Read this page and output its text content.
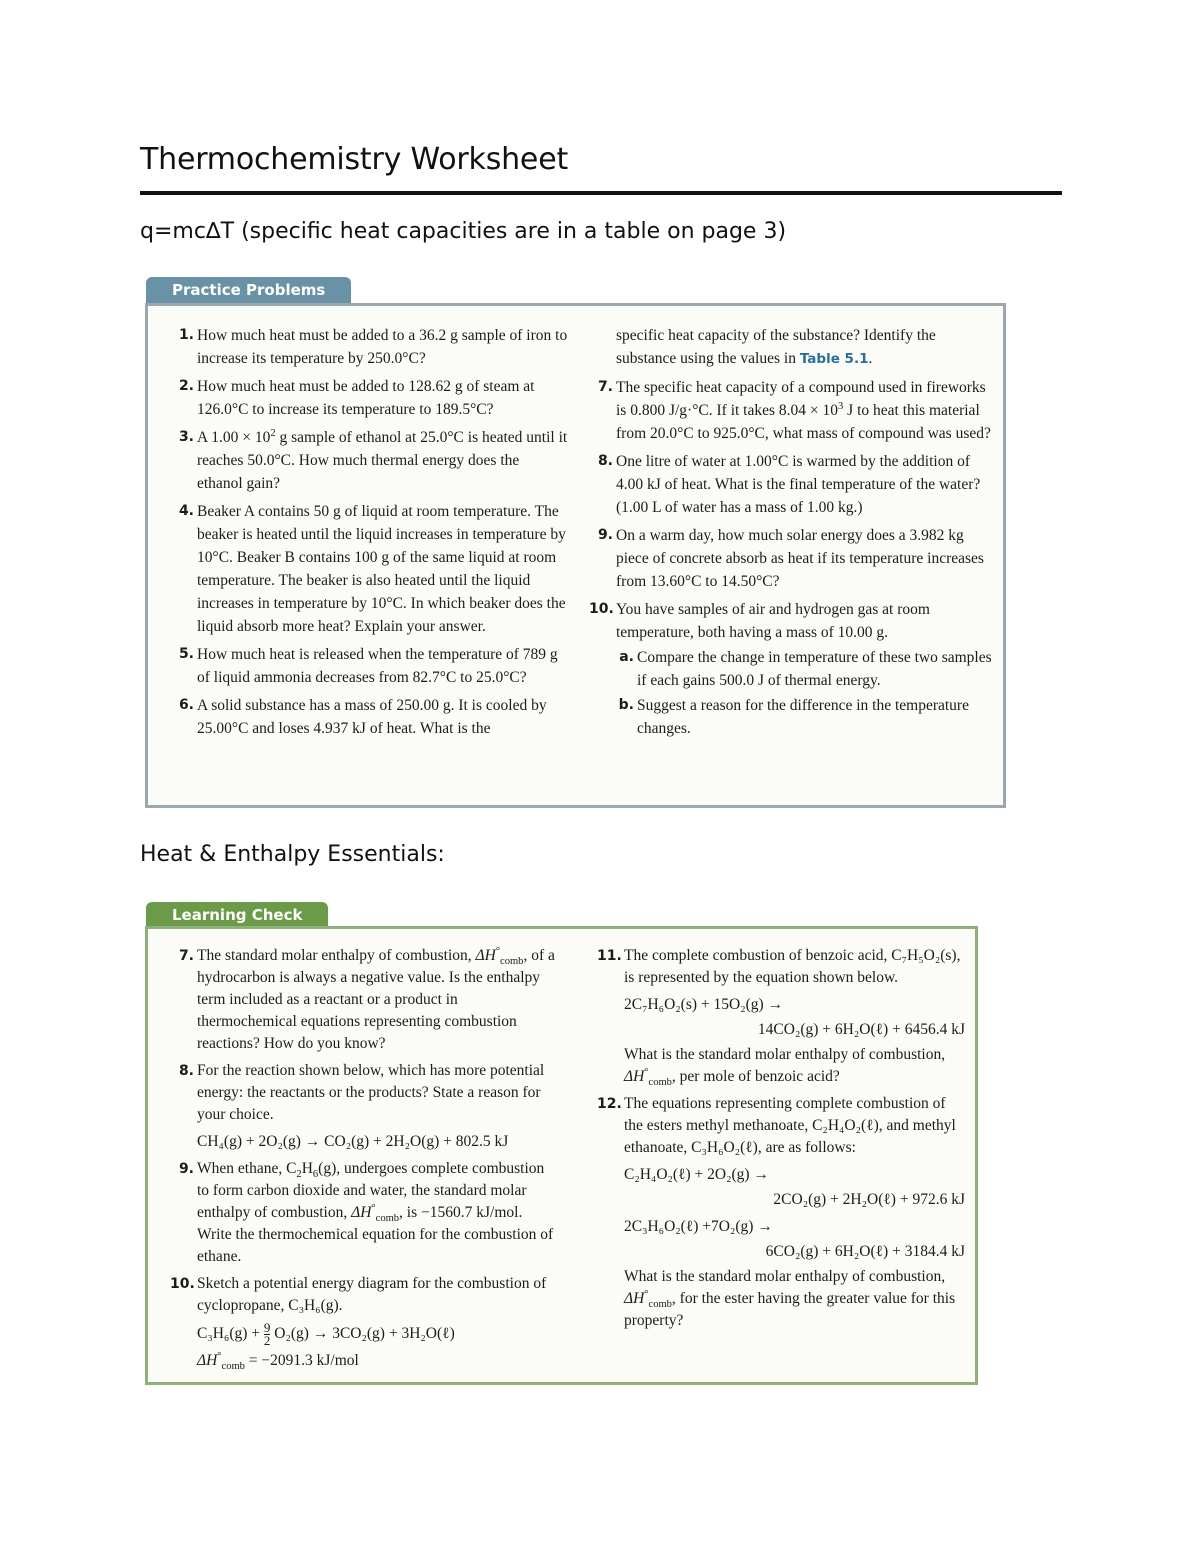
Thermochemistry Worksheet
q=mc∆T (specific heat capacities are in a table on page 3)
Practice Problems
1. How much heat must be added to a 36.2 g sample of iron to increase its temperature by 250.0°C?
2. How much heat must be added to 128.62 g of steam at 126.0°C to increase its temperature to 189.5°C?
3. A $1.00 \times 10^2$ g sample of ethanol at 25.0°C is heated until it reaches 50.0°C. How much thermal energy does the ethanol gain?
4. Beaker A contains 50 g of liquid at room temperature. The beaker is heated until the liquid increases in temperature by 10°C. Beaker B contains 100 g of the same liquid at room temperature. The beaker is also heated until the liquid increases in temperature by 10°C. In which beaker does the liquid absorb more heat? Explain your answer.
5. How much heat is released when the temperature of 789 g of liquid ammonia decreases from 82.7°C to 25.0°C?
6. A solid substance has a mass of 250.00 g. It is cooled by 25.00°C and loses 4.937 kJ of heat. What is the
specific heat capacity of the substance? Identify the substance using the values in Table 5.1.
7. The specific heat capacity of a compound used in fireworks is 0.800 J/g·°C. If it takes $8.04 \times 10^3$ J to heat this material from 20.0°C to 925.0°C, what mass of compound was used?
8. One litre of water at 1.00°C is warmed by the addition of 4.00 kJ of heat. What is the final temperature of the water? (1.00 L of water has a mass of 1.00 kg.)
9. On a warm day, how much solar energy does a 3.982 kg piece of concrete absorb as heat if its temperature increases from 13.60°C to 14.50°C?
10. You have samples of air and hydrogen gas at room temperature, both having a mass of 10.00 g.
a. Compare the change in temperature of these two samples if each gains 500.0 J of thermal energy.
b. Suggest a reason for the difference in the temperature changes.
Heat & Enthalpy Essentials:
Learning Check
7. The standard molar enthalpy of combustion, $\Delta H^\circ_{comb}$, of a hydrocarbon is always a negative value. Is the enthalpy term included as a reactant or a product in thermochemical equations representing combustion reactions? How do you know?
8. For the reaction shown below, which has more potential energy: the reactants or the products? State a reason for your choice.
CH₄(g) + 2O₂(g) → CO₂(g) + 2H₂O(g) + 802.5 kJ
9. When ethane, $C_2H_6(g)$, undergoes complete combustion to form carbon dioxide and water, the standard molar enthalpy of combustion, $\Delta H^\circ_{comb}$, is −1560.7 kJ/mol. Write the thermochemical equation for the combustion of ethane.
10. Sketch a potential energy diagram for the combustion of cyclopropane, C₃H₆(g).
$C_3H_6(g) + \frac{9}{2} O_2(g) \to 3CO_2(g)$ + 3H₂O(ℓ)
$\Delta H^\circ_{comb} = -2091.3$ kJ/mol
11. The complete combustion of benzoic acid, C₇H₅O₂(s), is represented by the equation shown below.
2C₇H₆O₂(s) + 15O₂(g) →
14CO₂(g) + 6H₂O(ℓ) + 6456.4 kJ
What is the standard molar enthalpy of combustion, $\Delta H^\circ_{comb}$, per mole of benzoic acid?
12. The equations representing complete combustion of the esters methyl methanoate, C₂H₄O₂(ℓ), and methyl ethanoate, C₃H₆O₂(ℓ), are as follows:
C₂H₄O₂(ℓ) + 2O₂(g) →
2CO₂(g) + 2H₂O(ℓ) + 972.6 kJ
2C₃H₆O₂(ℓ) +7O₂(g) →
6CO₂(g) + 6H₂O(ℓ) + 3184.4 kJ
What is the standard molar enthalpy of combustion, $\Delta H^\circ_{comb}$, for the ester having the greater value for this property?
